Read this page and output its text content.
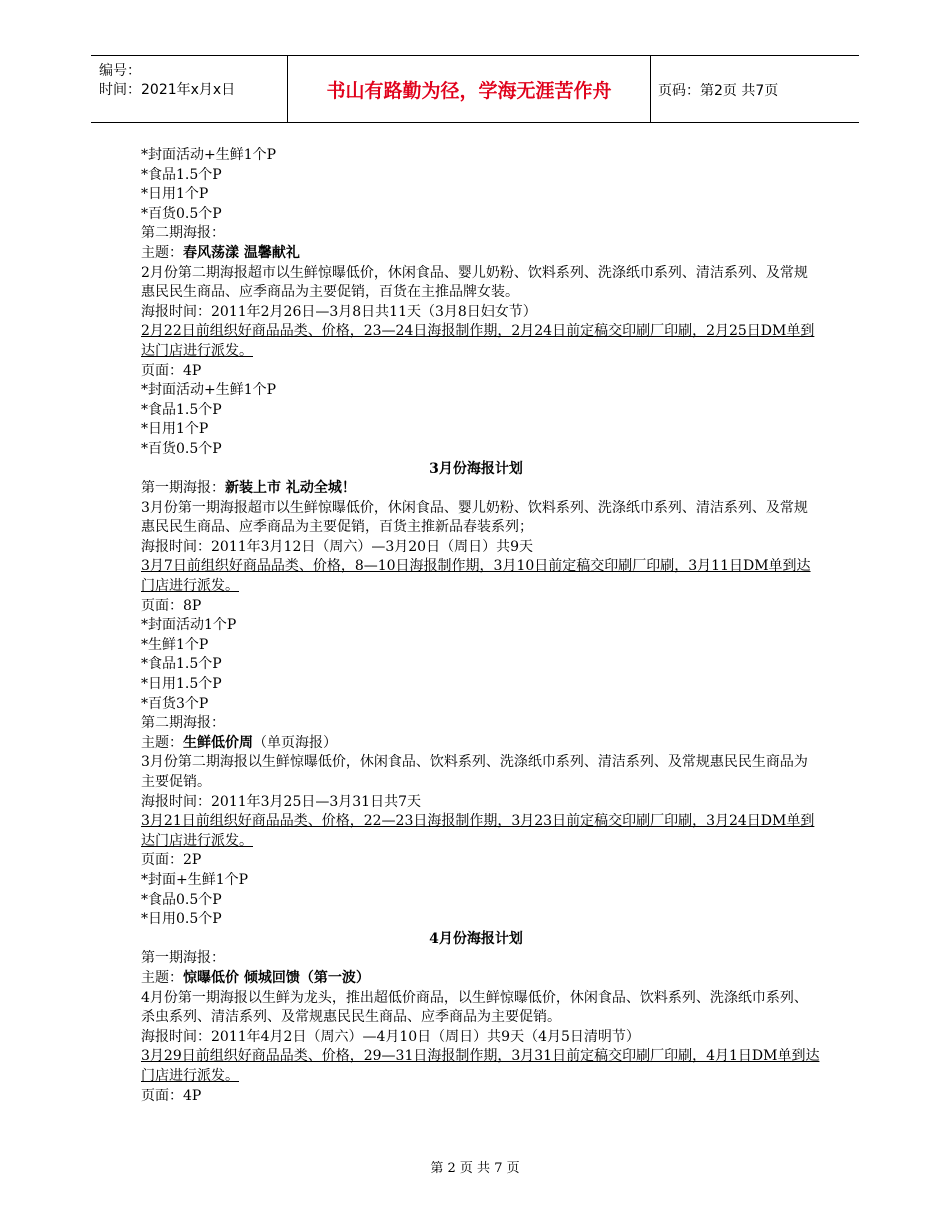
编号：
时间：2021年x月x日	书山有路勤为径，学海无涯苦作舟	页码：第2页 共7页
*封面活动+生鲜1个P
*食品1.5个P
*日用1个P
*百货0.5个P
第二期海报：
主题：春风荡漾 温馨献礼
2月份第二期海报超市以生鲜惊曝低价，休闲食品、婴儿奶粉、饮料系列、洗涤纸巾系列、清洁系列、及常规惠民民生商品、应季商品为主要促销，百货在主推品牌女装。
海报时间：2011年2月26日—3月8日共11天（3月8日妇女节）
2月22日前组织好商品品类、价格，23—24日海报制作期，2月24日前定稿交印刷厂印刷，2月25日DM单到达门店进行派发。
页面：4P
*封面活动+生鲜1个P
*食品1.5个P
*日用1个P
*百货0.5个P
3月份海报计划
第一期海报：新装上市 礼动全城！
3月份第一期海报超市以生鲜惊曝低价，休闲食品、婴儿奶粉、饮料系列、洗涤纸巾系列、清洁系列、及常规惠民民生商品、应季商品为主要促销，百货主推新品春装系列；
海报时间：2011年3月12日（周六）—3月20日（周日）共9天
3月7日前组织好商品品类、价格，8—10日海报制作期，3月10日前定稿交印刷厂印刷，3月11日DM单到达门店进行派发。
页面：8P
*封面活动1个P
*生鲜1个P
*食品1.5个P
*日用1.5个P
*百货3个P
第二期海报：
主题：生鲜低价周（单页海报）
3月份第二期海报以生鲜惊曝低价，休闲食品、饮料系列、洗涤纸巾系列、清洁系列、及常规惠民民生商品为主要促销。
海报时间：2011年3月25日—3月31日共7天
3月21日前组织好商品品类、价格，22—23日海报制作期，3月23日前定稿交印刷厂印刷，3月24日DM单到达门店进行派发。
页面：2P
*封面+生鲜1个P
*食品0.5个P
*日用0.5个P
4月份海报计划
第一期海报：
主题：惊曝低价 倾城回馈（第一波）
4月份第一期海报以生鲜为龙头，推出超低价商品，以生鲜惊曝低价，休闲食品、饮料系列、洗涤纸巾系列、杀虫系列、清洁系列、及常规惠民民生商品、应季商品为主要促销。
海报时间：2011年4月2日（周六）—4月10日（周日）共9天（4月5日清明节）
3月29日前组织好商品品类、价格，29—31日海报制作期，3月31日前定稿交印刷厂印刷，4月1日DM单到达门店进行派发。
页面：4P
第 2 页 共 7 页
